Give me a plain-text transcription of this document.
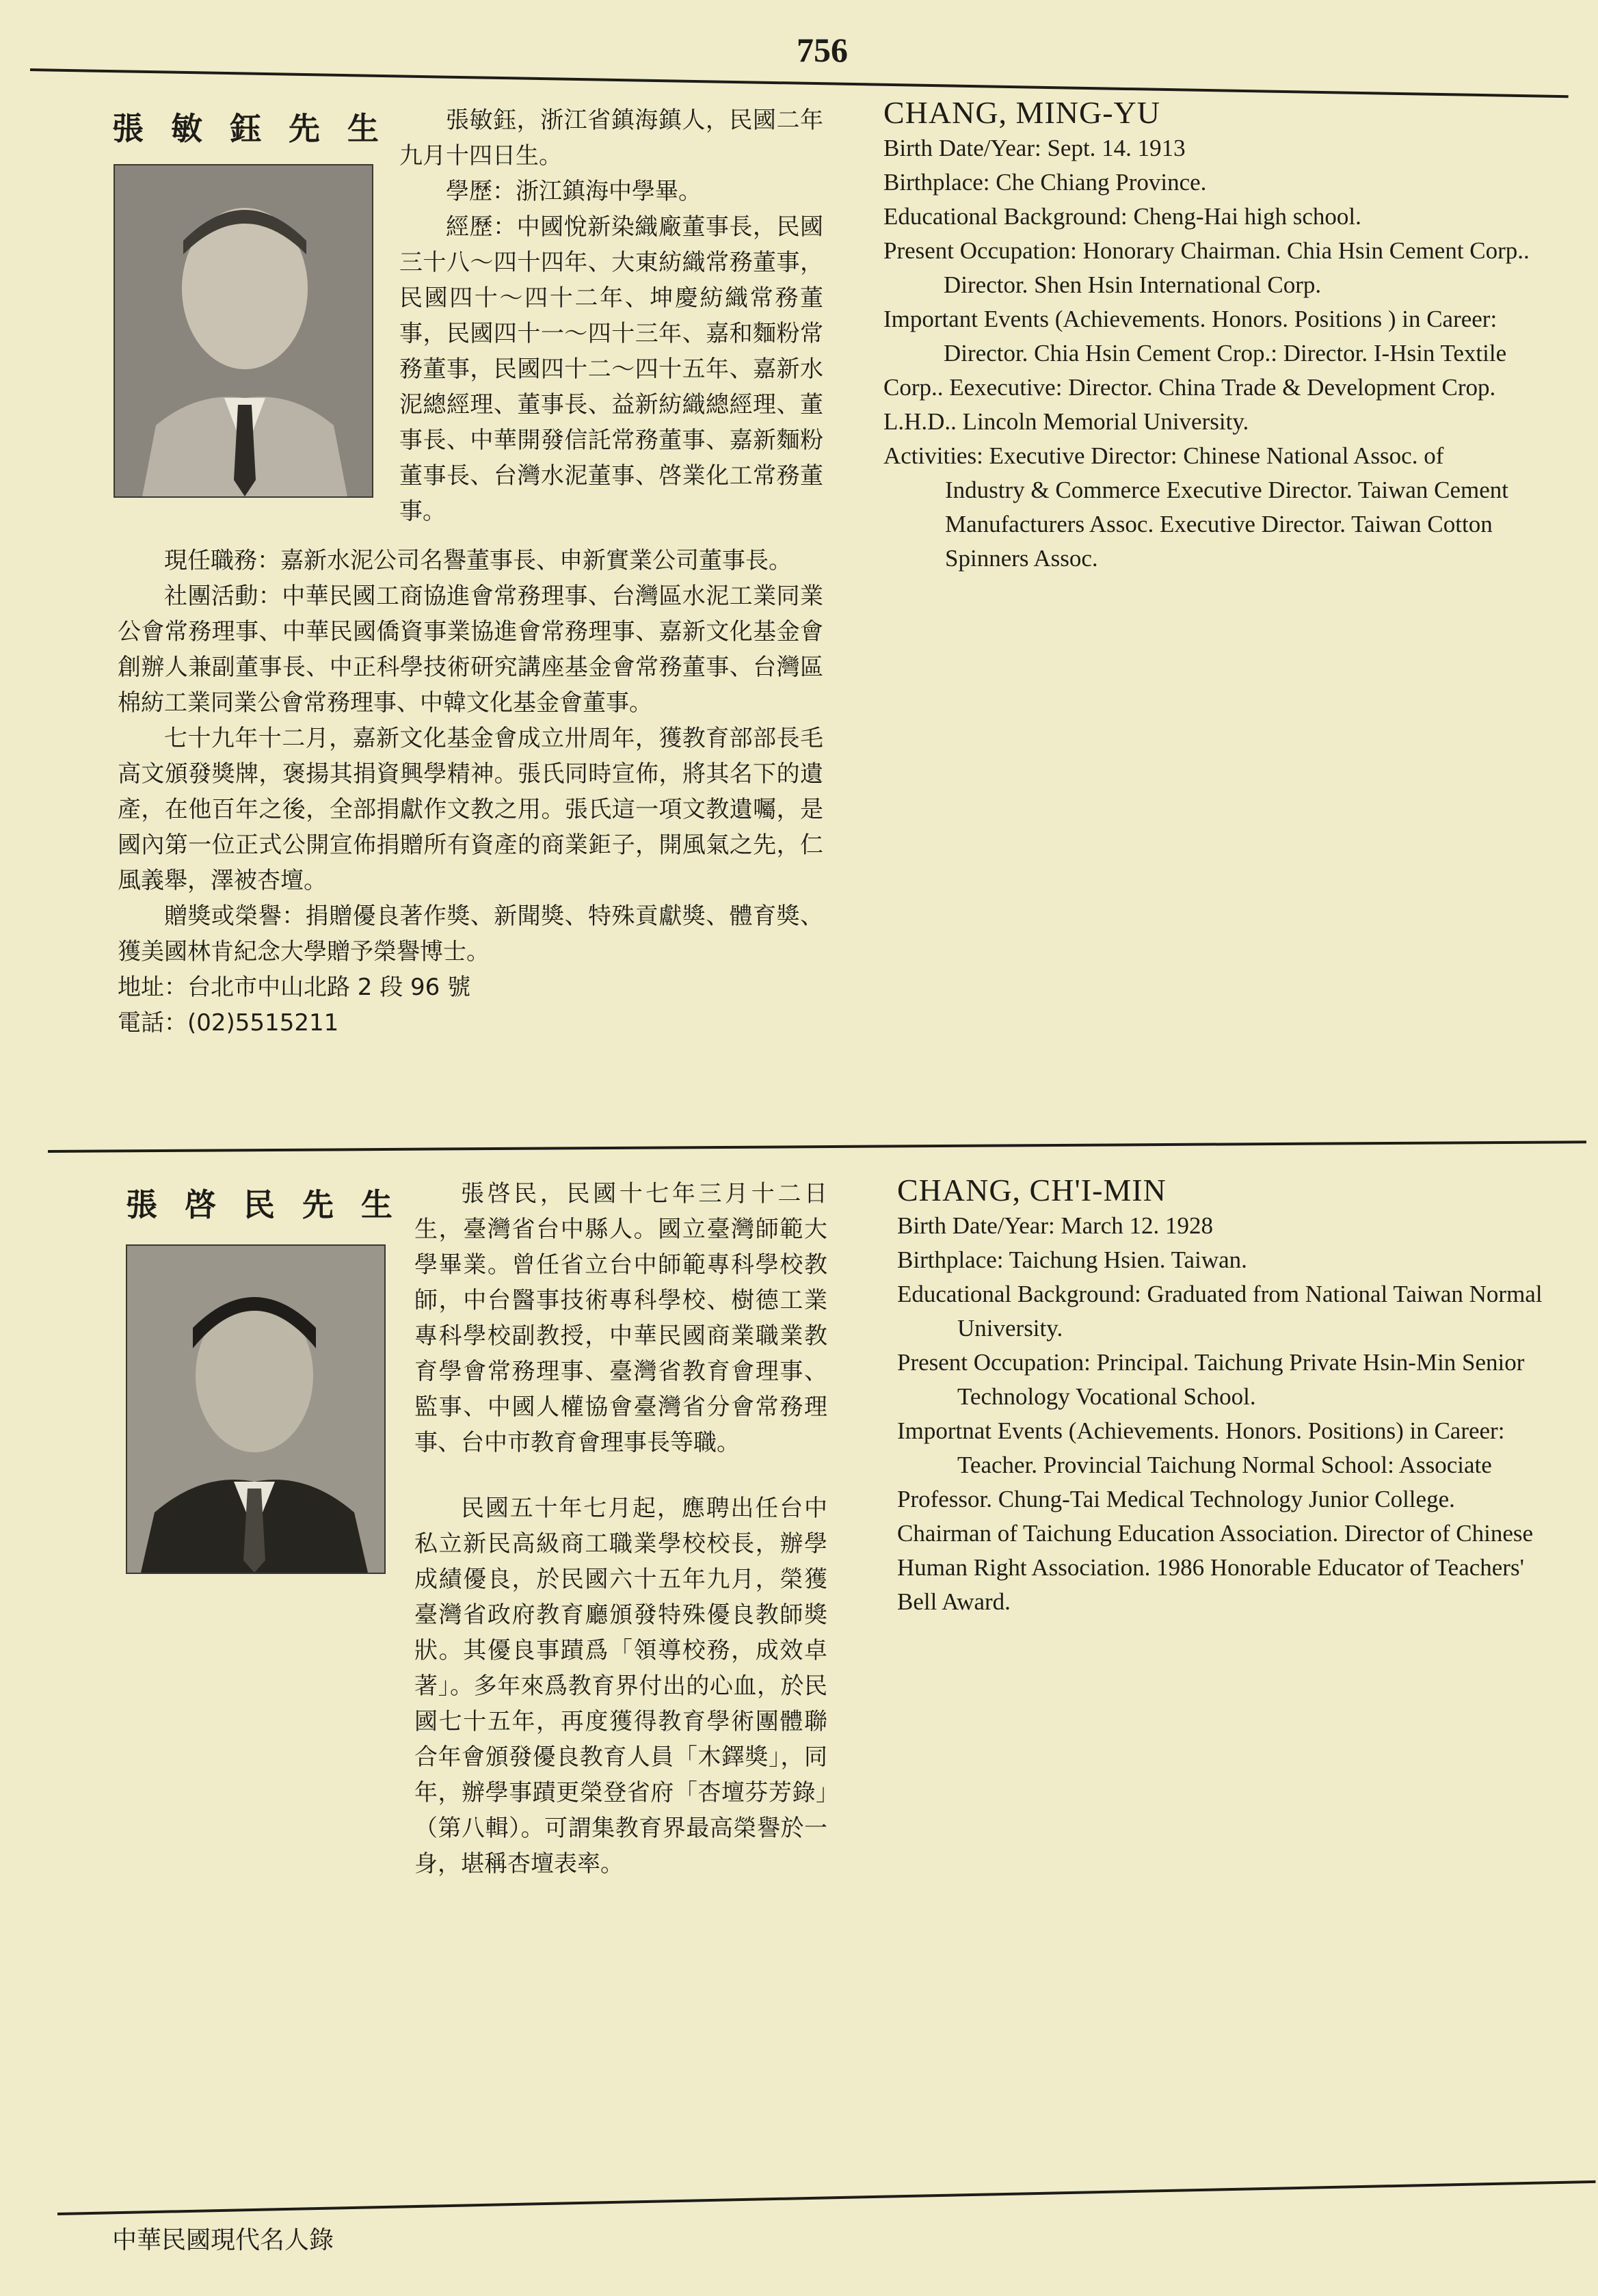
756
張 敏 鈺 先 生	張敏鈺，浙江省鎮海鎮人，民國二年九月十四日生。

學歷：浙江鎮海中學畢。

經歷：中國悅新染織廠董事長，民國三十八～四十四年、大東紡織常務董事，民國四十～四十二年、坤慶紡織常務董事，民國四十一～四十三年、嘉和麵粉常務董事，民國四十二～四十五年、嘉新水泥總經理、董事長、益新紡織總經理、董事長、中華開發信託常務董事、嘉新麵粉董事長、台灣水泥董事、啓業化工常務董事。

現任職務：嘉新水泥公司名譽董事長、申新實業公司董事長。

社團活動：中華民國工商協進會常務理事、台灣區水泥工業同業公會常務理事、中華民國僑資事業協進會常務理事、嘉新文化基金會創辦人兼副董事長、中正科學技術研究講座基金會常務董事、台灣區棉紡工業同業公會常務理事、中韓文化基金會董事。

七十九年十二月，嘉新文化基金會成立卅周年，獲教育部部長毛高文頒發獎牌，褒揚其捐資興學精神。張氏同時宣佈，將其名下的遺產，在他百年之後，全部捐獻作文教之用。張氏這一項文教遺囑，是國內第一位正式公開宣佈捐贈所有資產的商業鉅子，開風氣之先，仁風義舉，澤被杏壇。

贈獎或榮譽：捐贈優良著作獎、新聞獎、特殊貢獻獎、體育獎、獲美國林肯紀念大學贈予榮譽博士。

地址：台北市中山北路 2 段 96 號

電話：(02)5515211

CHANG, MING-YU

Birth Date/Year: Sept. 14. 1913

Birthplace: Che Chiang Province.

Educational Background: Cheng-Hai high school.

Present Occupation: Honorary Chairman. Chia Hsin Cement Corp.. Director. Shen Hsin International Corp.

Important Events (Achievements. Honors. Positions ) in Career:

Director. Chia Hsin Cement Crop.: Director. I-Hsin Textile Corp.. Eexecutive: Director. China Trade & Development Crop. L.H.D.. Lincoln Memorial University.

Activities: Executive Director: Chinese National Assoc. of

Industry & Commerce Executive Director. Taiwan Cement Manufacturers Assoc. Executive Director. Taiwan Cotton Spinners Assoc.

張 啓 民 先 生	張啓民，民國十七年三月十二日生，臺灣省台中縣人。國立臺灣師範大學畢業。曾任省立台中師範專科學校教師，中台醫事技術專科學校、樹德工業專科學校副教授，中華民國商業職業教育學會常務理事、臺灣省教育會理事、監事、中國人權協會臺灣省分會常務理事、台中市教育會理事長等職。

民國五十年七月起，應聘出任台中私立新民高級商工職業學校校長，辦學成績優良，於民國六十五年九月，榮獲臺灣省政府教育廳頒發特殊優良教師獎狀。其優良事蹟爲「領導校務，成效卓著」。多年來爲教育界付出的心血，於民國七十五年，再度獲得教育學術團體聯合年會頒發優良教育人員「木鐸獎」，同年，辦學事蹟更榮登省府「杏壇芬芳錄」（第八輯）。可謂集教育界最高榮譽於一身，堪稱杏壇表率。

CHANG, CH'I-MIN

Birth Date/Year: March 12. 1928

Birthplace: Taichung Hsien. Taiwan.

Educational Background: Graduated from National Taiwan Normal University.

Present Occupation: Principal. Taichung Private Hsin-Min Senior Technology Vocational School.

Importnat Events (Achievements. Honors. Positions) in Career:

Teacher. Provincial Taichung Normal School: Associate Professor. Chung-Tai Medical Technology Junior College. Chairman of Taichung Education Association. Director of Chinese Human Right Association. 1986 Honorable Educator of Teachers' Bell Award.

中華民國現代名人錄
